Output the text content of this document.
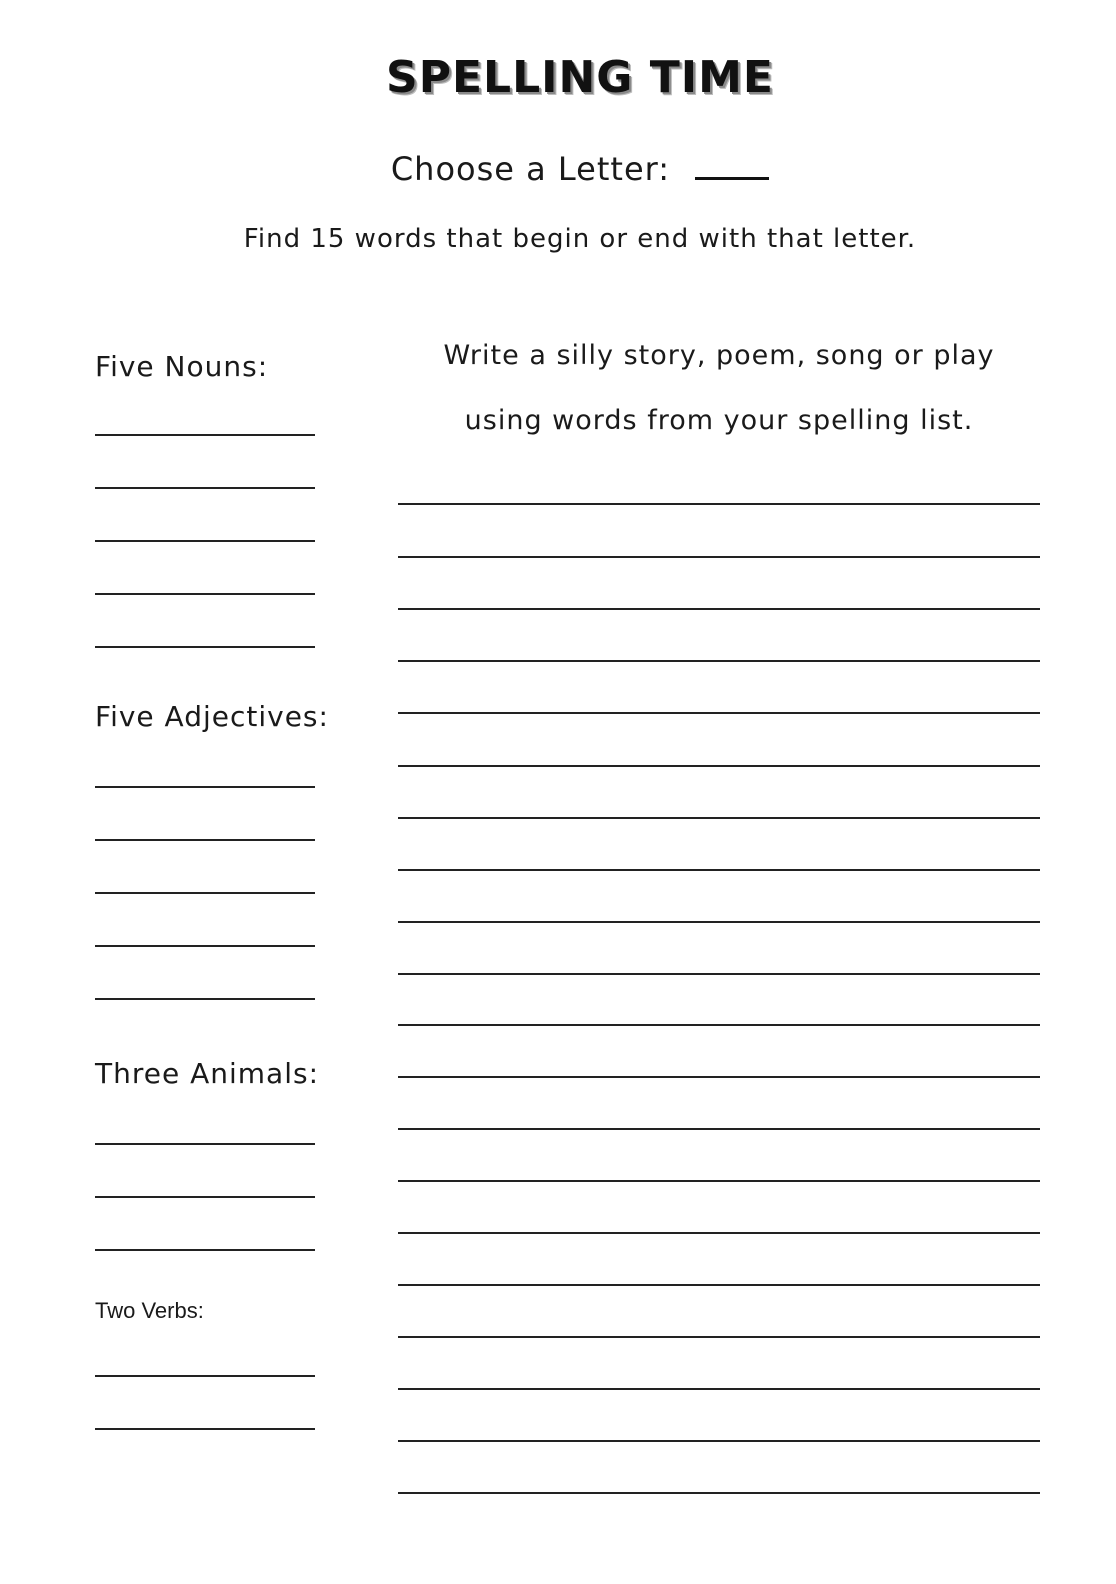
SPELLING TIME
Choose a Letter:
Find 15 words that begin or end with that letter.
Five Nouns:
Five Adjectives:
Three Animals:
Two Verbs:
Write a silly story, poem, song or play
using words from your spelling list.
